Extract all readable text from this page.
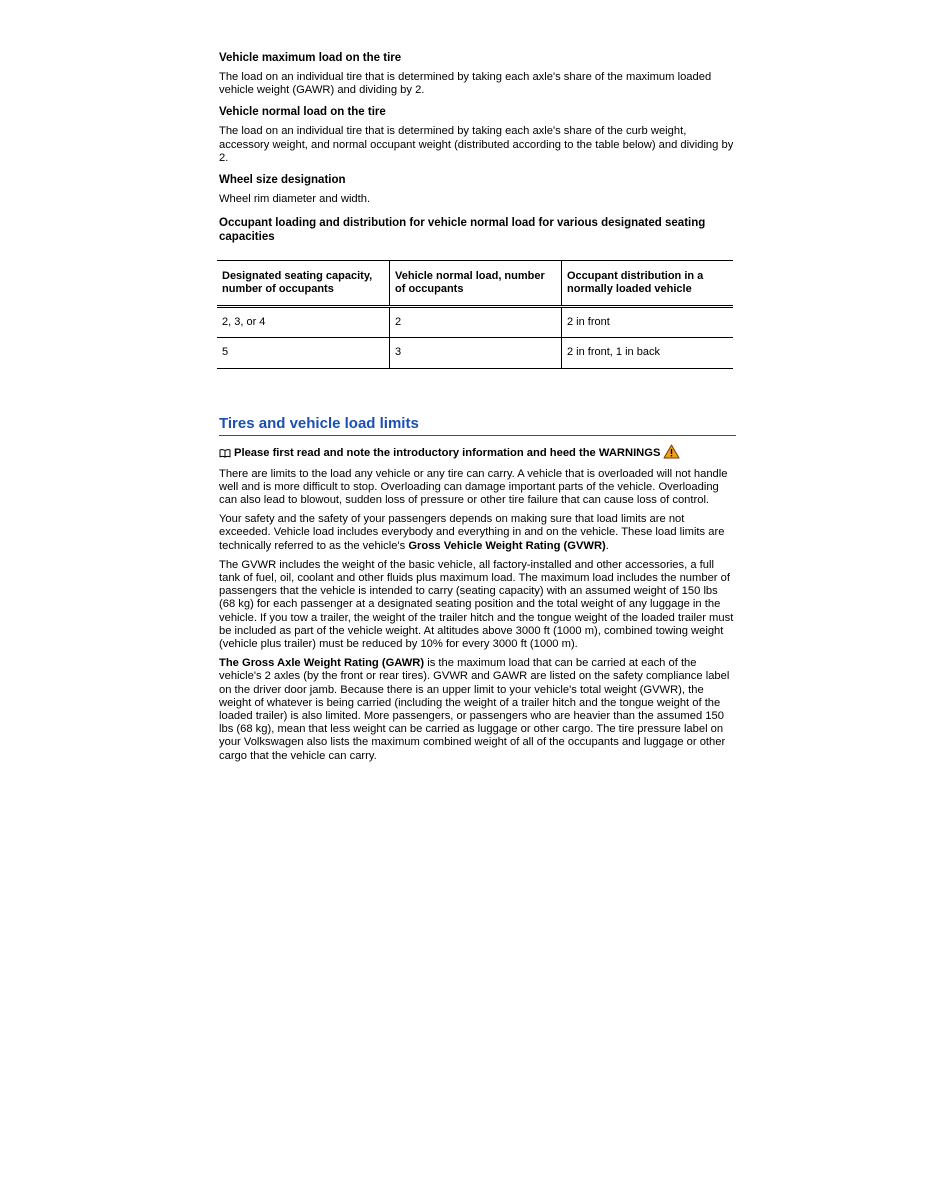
Vehicle maximum load on the tire

The load on an individual tire that is determined by taking each axle's share of the maximum loaded vehicle weight (GAWR) and dividing by 2.

Vehicle normal load on the tire

The load on an individual tire that is determined by taking each axle's share of the curb weight, accessory weight, and normal occupant weight (distributed according to the table below) and dividing by 2.

Wheel size designation

Wheel rim diameter and width.

Occupant loading and distribution for vehicle normal load for various designated seating capacities

Designated seating capacity, number of occupants	Vehicle normal load, number of occupants	Occupant distribution in a normally loaded vehicle
2, 3, or 4	2	2 in front
5	3	2 in front, 1 in back
Tires and vehicle load limits
Please first read and note the introductory information and heed the WARNINGS

There are limits to the load any vehicle or any tire can carry. A vehicle that is overloaded will not handle well and is more difficult to stop. Overloading can damage important parts of the vehicle. Overloading can also lead to blowout, sudden loss of pressure or other tire failure that can cause loss of control.

Your safety and the safety of your passengers depends on making sure that load limits are not exceeded. Vehicle load includes everybody and everything in and on the vehicle. These load limits are technically referred to as the vehicle's Gross Vehicle Weight Rating (GVWR).

The GVWR includes the weight of the basic vehicle, all factory-installed and other accessories, a full tank of fuel, oil, coolant and other fluids plus maximum load. The maximum load includes the number of passengers that the vehicle is intended to carry (seating capacity) with an assumed weight of 150 lbs (68 kg) for each passenger at a designated seating position and the total weight of any luggage in the vehicle. If you tow a trailer, the weight of the trailer hitch and the tongue weight of the loaded trailer must be included as part of the vehicle weight. At altitudes above 3000 ft (1000 m), combined towing weight (vehicle plus trailer) must be reduced by 10% for every 3000 ft (1000 m).

The Gross Axle Weight Rating (GAWR) is the maximum load that can be carried at each of the vehicle's 2 axles (by the front or rear tires). GVWR and GAWR are listed on the safety compliance label on the driver door jamb. Because there is an upper limit to your vehicle's total weight (GVWR), the weight of whatever is being carried (including the weight of a trailer hitch and the tongue weight of the loaded trailer) is also limited. More passengers, or passengers who are heavier than the assumed 150 lbs (68 kg), mean that less weight can be carried as luggage or other cargo. The tire pressure label on your Volkswagen also lists the maximum combined weight of all of the occupants and luggage or other cargo that the vehicle can carry.
